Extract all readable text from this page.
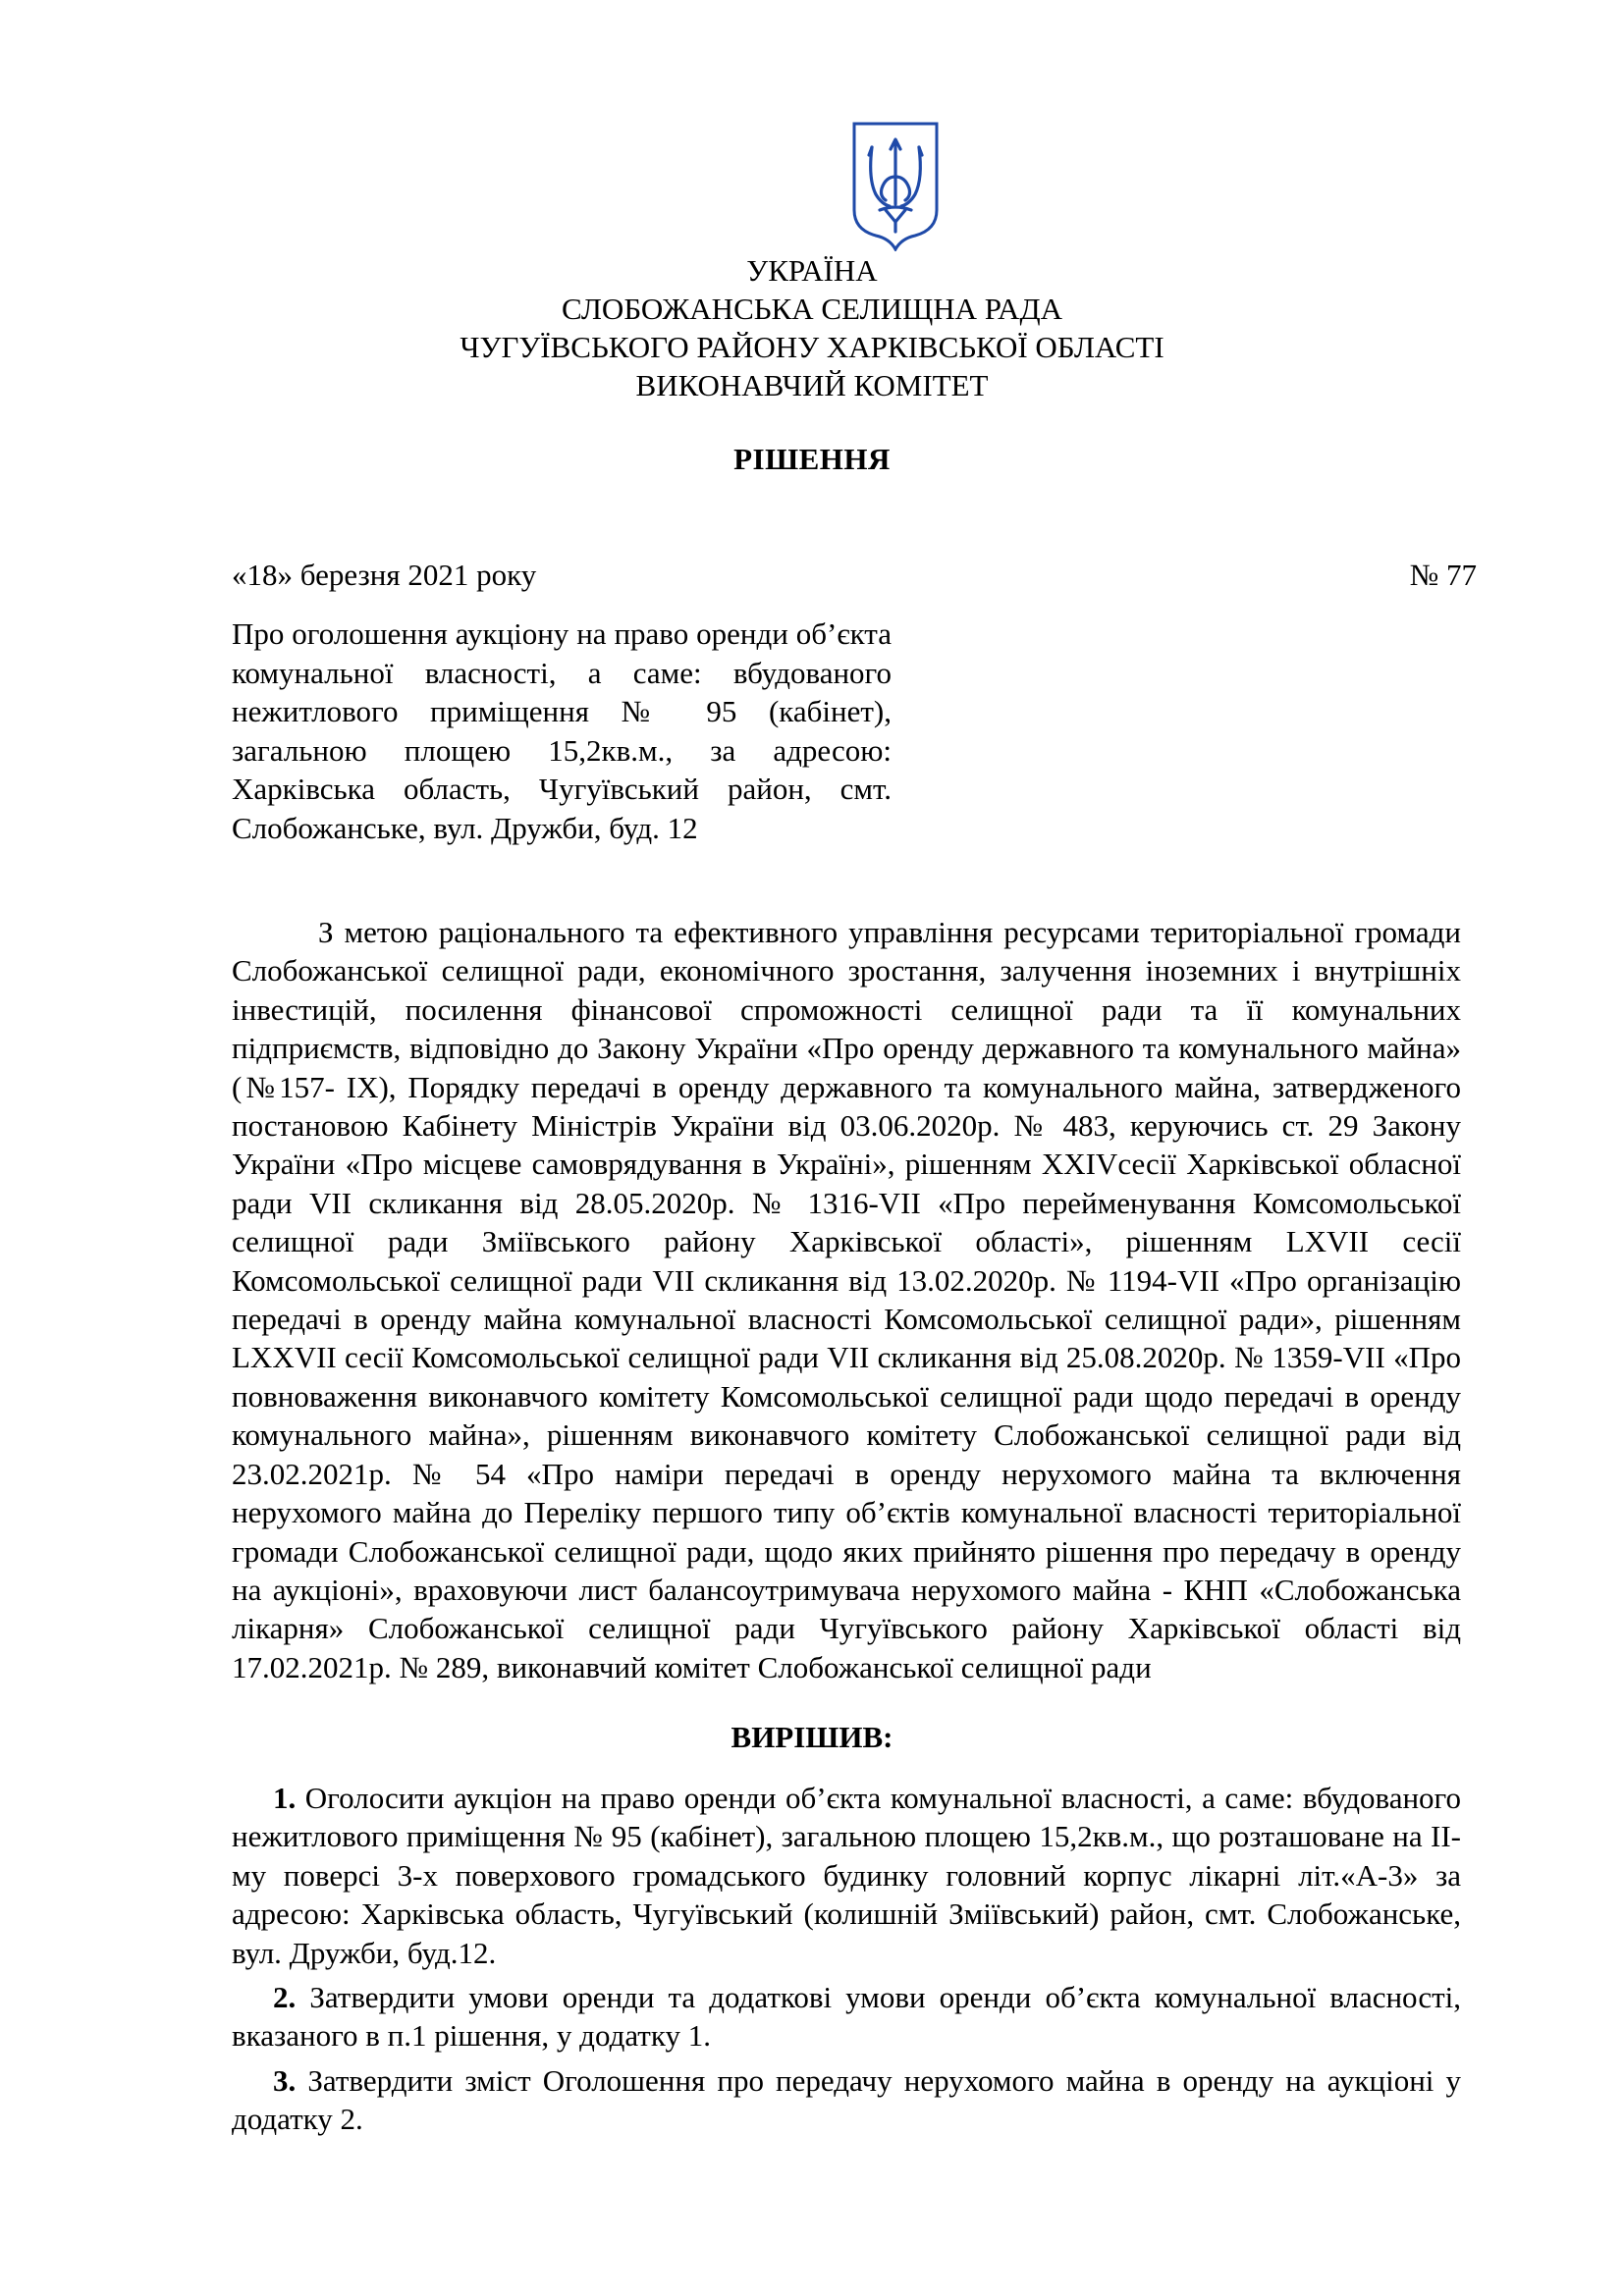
УКРАЇНА
СЛОБОЖАНСЬКА СЕЛИЩНА РАДА
ЧУГУЇВСЬКОГО РАЙОНУ ХАРКІВСЬКОЇ ОБЛАСТІ
ВИКОНАВЧИЙ КОМІТЕТ
РІШЕННЯ
«18» березня 2021 року	№ 77
Про оголошення аукціону на право оренди об’єкта комунальної власності, а саме: вбудованого нежитлового приміщення № 95 (кабінет), загальною площею 15,2кв.м., за адресою: Харківська область, Чугуївський район, смт. Слобожанське, вул. Дружби, буд. 12
З метою раціонального та ефективного управління ресурсами територіальної громади Слобожанської селищної ради, економічного зростання, залучення іноземних і внутрішніх інвестицій, посилення фінансової спроможності селищної ради та її комунальних підприємств, відповідно до Закону України «Про оренду державного та комунального майна» (№157- ІХ), Порядку передачі в оренду державного та комунального майна, затвердженого постановою Кабінету Міністрів України від 03.06.2020р. № 483, керуючись ст. 29 Закону України «Про місцеве самоврядування в Україні», рішенням XXIVсесії Харківської обласної ради VII скликання від 28.05.2020р. № 1316-VII «Про перейменування Комсомольської селищної ради Зміївського району Харківської області», рішенням LXVII сесії Комсомольської селищної ради VII скликання від 13.02.2020р. № 1194-VII «Про організацію передачі в оренду майна комунальної власності Комсомольської селищної ради», рішенням LXXVII сесії Комсомольської селищної ради VII скликання від 25.08.2020р. № 1359-VII «Про повноваження виконавчого комітету Комсомольської селищної ради щодо передачі в оренду комунального майна», рішенням виконавчого комітету Слобожанської селищної ради від 23.02.2021р. № 54 «Про наміри передачі в оренду нерухомого майна та включення нерухомого майна до Переліку першого типу об’єктів комунальної власності територіальної громади Слобожанської селищної ради, щодо яких прийнято рішення про передачу в оренду на аукціоні», враховуючи лист балансоутримувача нерухомого майна - КНП «Слобожанська лікарня» Слобожанської селищної ради Чугуївського району Харківської області від 17.02.2021р. № 289, виконавчий комітет Слобожанської селищної ради
ВИРІШИВ:
1. Оголосити аукціон на право оренди об’єкта комунальної власності, а саме: вбудованого нежитлового приміщення № 95 (кабінет), загальною площею 15,2кв.м., що розташоване на ІІ-му поверсі 3-х поверхового громадського будинку головний корпус лікарні літ.«А-3» за адресою: Харківська область, Чугуївський (колишній Зміївський) район, смт. Слобожанське, вул. Дружби, буд.12.
2. Затвердити умови оренди та додаткові умови оренди об’єкта комунальної власності, вказаного в п.1 рішення, у додатку 1.
3. Затвердити зміст Оголошення про передачу нерухомого майна в оренду на аукціоні у додатку 2.
